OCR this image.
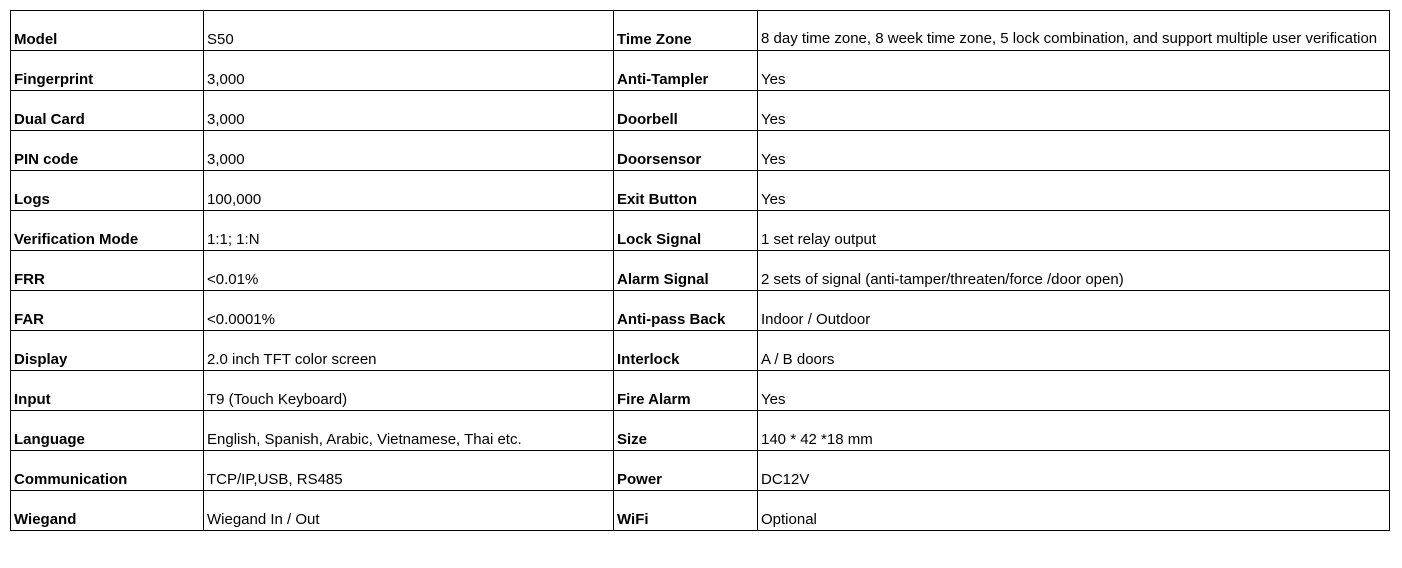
Model	S50	Time Zone	8 day time zone, 8 week time zone, 5 lock combination, and support multiple user verification
Fingerprint	3,000	Anti-Tampler	Yes
Dual Card	3,000	Doorbell	Yes
PIN code	3,000	Doorsensor	Yes
Logs	100,000	Exit Button	Yes
Verification Mode	1:1; 1:N	Lock Signal	1 set relay output
FRR	<0.01%	Alarm Signal	2 sets of signal (anti-tamper/threaten/force /door open)
FAR	<0.0001%	Anti-pass Back	Indoor / Outdoor
Display	2.0 inch TFT color screen	Interlock	A / B doors
Input	T9 (Touch Keyboard)	Fire Alarm	Yes
Language	English, Spanish, Arabic, Vietnamese, Thai etc.	Size	140 * 42 *18 mm
Communication	TCP/IP,USB, RS485	Power	DC12V
Wiegand	Wiegand In / Out	WiFi	Optional
